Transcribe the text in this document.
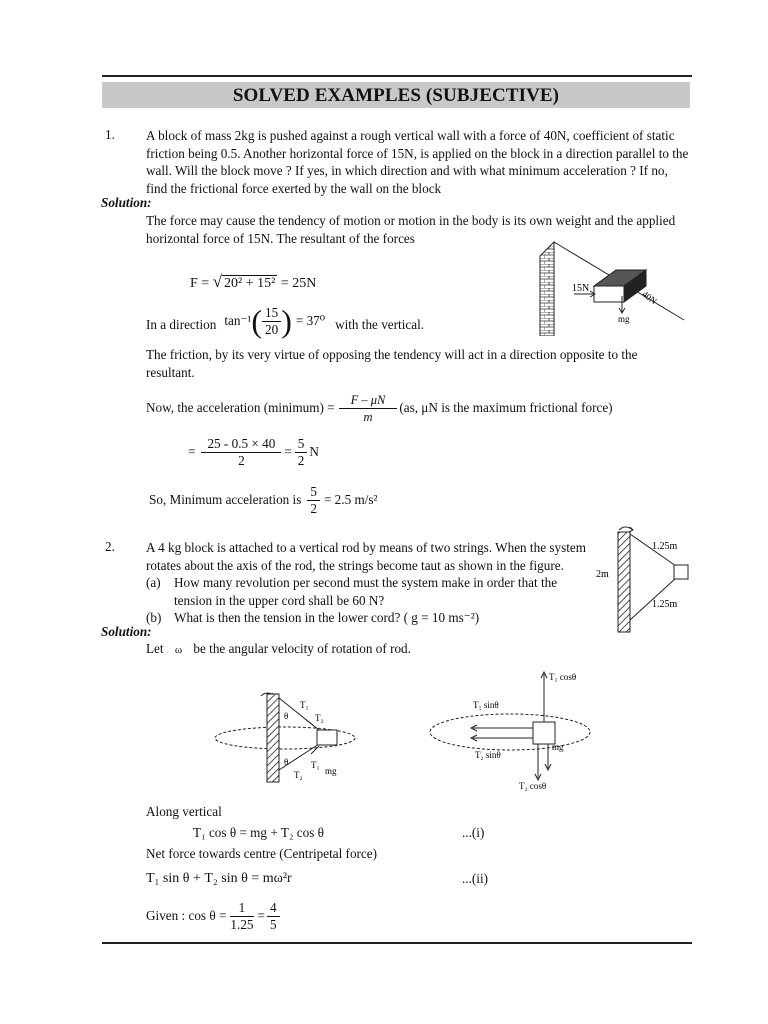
SOLVED EXAMPLES (SUBJECTIVE)
1. A block of mass 2kg is pushed against a rough vertical wall with a force of 40N, coefficient of static
friction being 0.5. Another horizontal force of 15N, is applied on the block in a direction parallel to the
wall. Will the block move ? If yes, in which direction and with what minimum acceleration ? If no,
find the frictional force exerted by the wall on the block
Solution:
The force may cause the tendency of motion or motion in the body is its own weight and the applied
horizontal force of 15N. The resultant of the forces
F = √ 20² + 15² = 25N
In a direction tan⁻¹ ( $\frac{15}{20}$ ) = 37⁰ with the vertical.
The friction, by its very virtue of opposing the tendency will act in a direction opposite to the
resultant.
Now, the acceleration (minimum) = $\frac{F - \mu N}{m} (as$, μN is the maximum frictional force)
= $\frac{25 - 0.5 \times 40}{2} = \frac{5}{2}$ N
So, Minimum acceleration is $\frac{5}{2} = 2.5$ m/s²
15N
mg
40N
2. A 4 kg block is attached to a vertical rod by means of two strings. When the system
rotates about the axis of the rod, the strings become taut as shown in the figure.
(a)	How many revolution per second must the system make in order that the
tension in the upper cord shall be 60 N?
(b) What is then the tension in the lower cord? ( g = 10 ms⁻²)
1.25m
2m
1.25m
Solution:
Let ω be the angular velocity of rotation of rod.
T₁
T₂
θ
θ	T₁
T₂ mg
T₁ cosθ
T₁ sinθ
T₂ sinθ
mg
T₂ cosθ
Along vertical
T₁ cos θ = mg + T₂ cos θ	...(i)
Net force towards centre (Centripetal force)
T₁ sin θ + T₂ sin θ = mω²r	...(ii)
Given : $\cos \theta = \frac{1}{1.25} = \frac{4}{5}$
